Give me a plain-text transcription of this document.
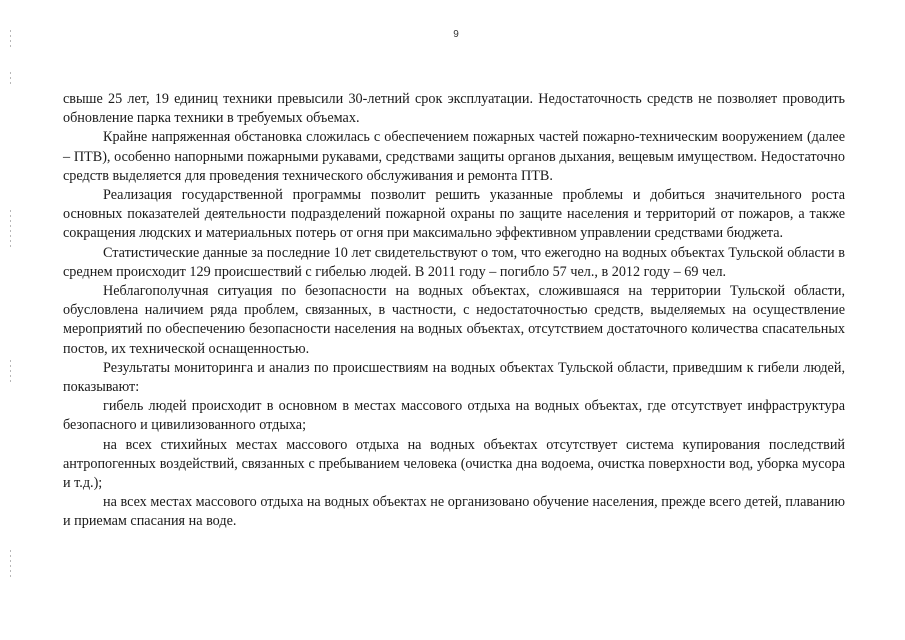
9

свыше 25 лет, 19 единиц техники превысили 30-летний срок эксплуатации. Недостаточность средств не позволяет проводить обновление парка техники в требуемых объемах.

Крайне напряженная обстановка сложилась с обеспечением пожарных частей пожарно-техническим вооружением (далее – ПТВ), особенно напорными пожарными рукавами, средствами защиты органов дыхания, вещевым имуществом. Недостаточно средств выделяется для проведения технического обслуживания и ремонта ПТВ.

Реализация государственной программы позволит решить указанные проблемы и добиться значительного роста основных показателей деятельности подразделений пожарной охраны по защите населения и территорий от пожаров, а также сокращения людских и материальных потерь от огня при максимально эффективном управлении средствами бюджета.

Статистические данные за последние 10 лет свидетельствуют о том, что ежегодно на водных объектах Тульской области в среднем происходит 129 происшествий с гибелью людей. В 2011 году – погибло 57 чел., в 2012 году – 69 чел.

Неблагополучная ситуация по безопасности на водных объектах, сложившаяся на территории Тульской области, обусловлена наличием ряда проблем, связанных, в частности, с недостаточностью средств, выделяемых на осуществление мероприятий по обеспечению безопасности населения на водных объектах, отсутствием достаточного количества спасательных постов, их технической оснащенностью.

Результаты мониторинга и анализ по происшествиям на водных объектах Тульской области, приведшим к гибели людей, показывают:

гибель людей происходит в основном в местах массового отдыха на водных объектах, где отсутствует инфраструктура безопасного и цивилизованного отдыха;

на всех стихийных местах массового отдыха на водных объектах отсутствует система купирования последствий антропогенных воздействий, связанных с пребыванием человека (очистка дна водоема, очистка поверхности вод, уборка мусора и т.д.);

на всех местах массового отдыха на водных объектах не организовано обучение населения, прежде всего детей, плаванию и приемам спасания на воде.
